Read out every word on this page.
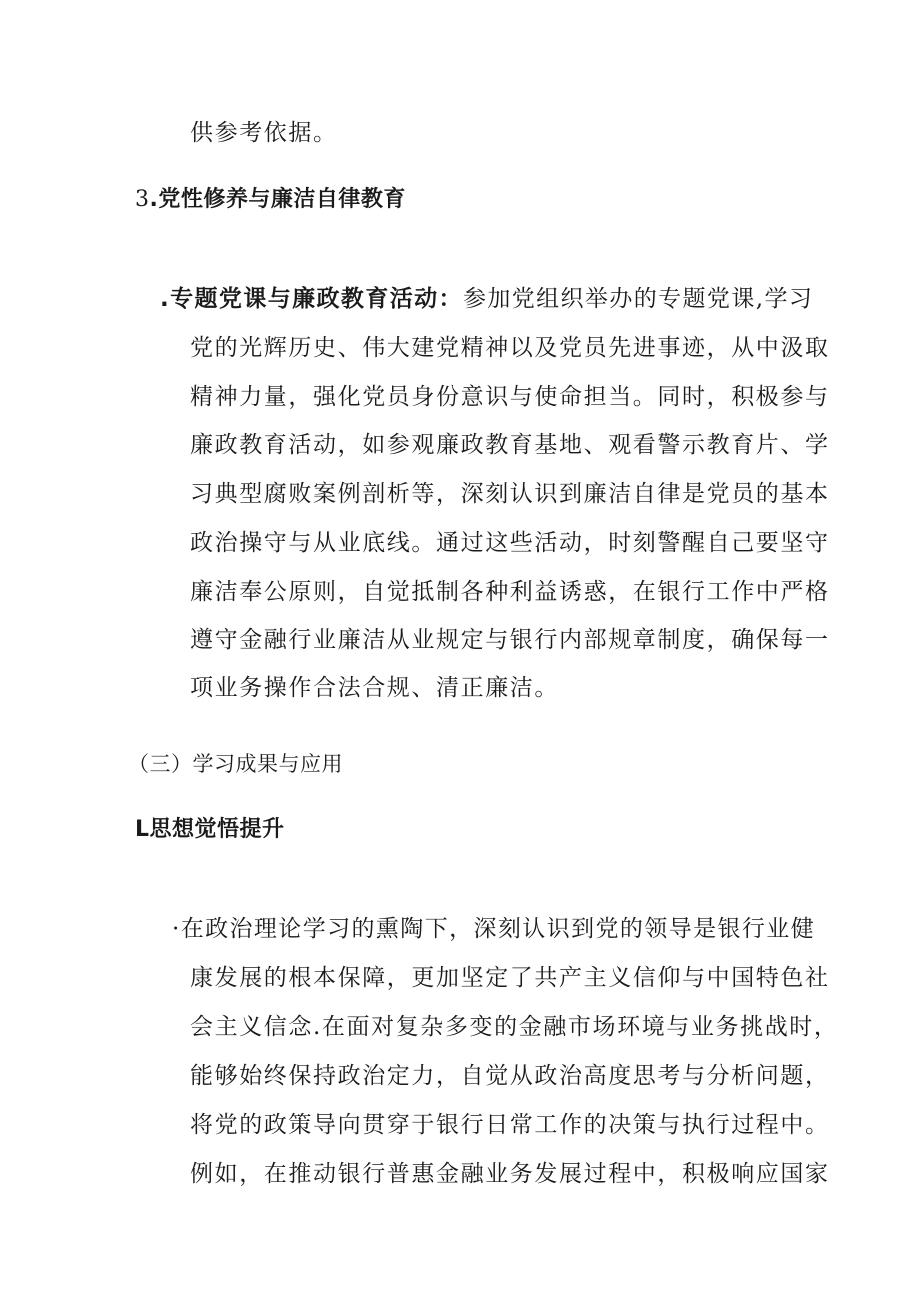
供参考依据。
3.党性修养与廉洁自律教育
.专题党课与廉政教育活动：参加党组织举办的专题党课,学习
党的光辉历史、伟大建党精神以及党员先进事迹，从中汲取
精神力量，强化党员身份意识与使命担当。同时，积极参与
廉政教育活动，如参观廉政教育基地、观看警示教育片、学
习典型腐败案例剖析等，深刻认识到廉洁自律是党员的基本
政治操守与从业底线。通过这些活动，时刻警醒自己要坚守
廉洁奉公原则，自觉抵制各种利益诱惑，在银行工作中严格
遵守金融行业廉洁从业规定与银行内部规章制度，确保每一
项业务操作合法合规、清正廉洁。
（三）学习成果与应用
L思想觉悟提升
·在政治理论学习的熏陶下，深刻认识到党的领导是银行业健
康发展的根本保障，更加坚定了共产主义信仰与中国特色社
会主义信念.在面对复杂多变的金融市场环境与业务挑战时，
能够始终保持政治定力，自觉从政治高度思考与分析问题，
将党的政策导向贯穿于银行日常工作的决策与执行过程中。
例如，在推动银行普惠金融业务发展过程中，积极响应国家
